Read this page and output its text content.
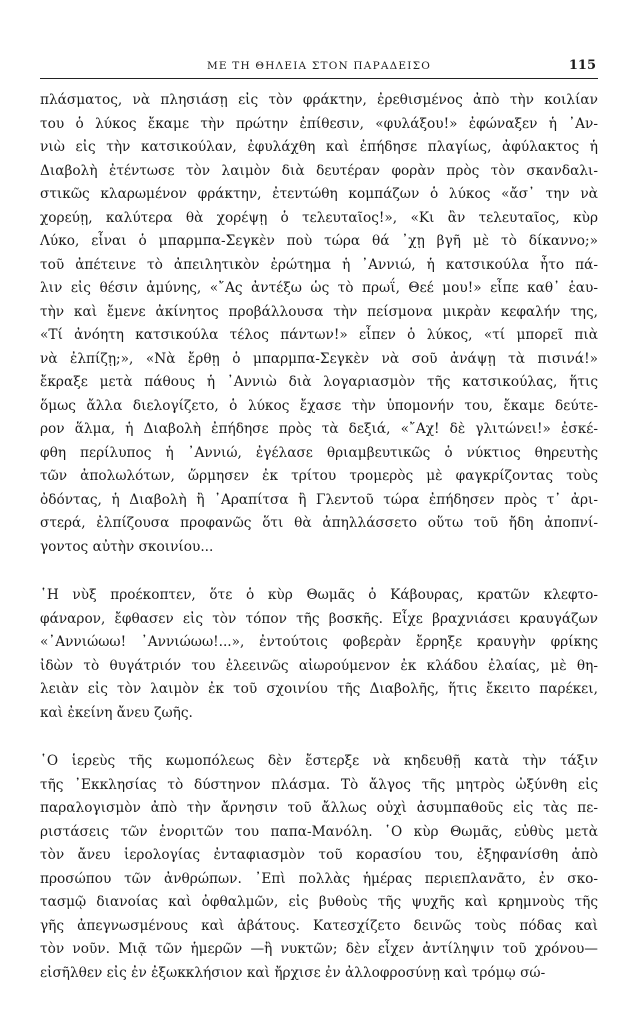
ΜΕ ΤΗ ΘΗΛΕΙΑ ΣΤΟΝ ΠΑΡΑΔΕΙΣΟ	115

πλάσματος, νὰ πλησιάσῃ εἰς τὸν φράκτην, ἐρεθισμένος ἀπὸ τὴν κοιλίαν
του ὁ λύκος ἔκαμε τὴν πρώτην ἐπίθεσιν, «φυλάξου!» ἐφώναξεν ἡ ᾿Αν-
νιὼ εἰς τὴν κατσικούλαν, ἐφυλάχθη καὶ ἐπήδησε πλαγίως, ἀφύλακτος ἡ
Διαβολὴ ἐτέντωσε τὸν λαιμὸν διὰ δευτέραν φορὰν πρὸς τὸν σκανδαλι-
στικῶς κλαρωμένον φράκτην, ἐτεντώθη κομπάζων ὁ λύκος «ἄσ᾽ την νὰ
χορεύῃ, καλύτερα θὰ χορέψῃ ὁ τελευταῖος!», «Κι ἂν τελευταῖος, κὺρ
Λύκο, εἶναι ὁ μπαρμπα-Σεγκὲν ποὺ τώρα θά ᾽χῃ βγῆ μὲ τὸ δίκαννο;»
τοῦ ἀπέτεινε τὸ ἀπειλητικὸν ἐρώτημα ἡ ᾿Αννιώ, ἡ κατσικούλα ἦτο πά-
λιν εἰς θέσιν ἀμύνης, «῎Ας ἀντέξω ὡς τὸ πρωΐ, Θεέ μου!» εἶπε καθ᾽ ἑαυ-
τὴν καὶ ἔμενε ἀκίνητος προβάλλουσα τὴν πείσμονα μικρὰν κεφαλήν της,
«Τί ἀνόητη κατσικούλα τέλος πάντων!» εἶπεν ὁ λύκος, «τί μπορεῖ πιὰ
νὰ ἐλπίζῃ;», «Νὰ ἔρθῃ ὁ μπαρμπα-Σεγκὲν νὰ σοῦ ἀνάψῃ τὰ πισινά!»
ἔκραξε μετὰ πάθους ἡ ᾿Αννιὼ διὰ λογαριασμὸν τῆς κατσικούλας, ἥτις
ὅμως ἄλλα διελογίζετο, ὁ λύκος ἔχασε τὴν ὑπομονήν του, ἔκαμε δεύτε-
ρον ἅλμα, ἡ Διαβολὴ ἐπήδησε πρὸς τὰ δεξιά, «῎Αχ! δὲ γλιτώνει!» ἐσκέ-
φθη περίλυπος ἡ ᾿Αννιώ, ἐγέλασε θριαμβευτικῶς ὁ νύκτιος θηρευτὴς
τῶν ἀπολωλότων, ὥρμησεν ἐκ τρίτου τρομερὸς μὲ φαγκρίζοντας τοὺς
ὀδόντας, ἡ Διαβολὴ ἢ ᾿Αραπίτσα ἢ Γλεντοῦ τώρα ἐπήδησεν πρὸς τ᾽ ἀρι-
στερά, ἐλπίζουσα προφανῶς ὅτι θὰ ἀπηλλάσσετο οὕτω τοῦ ἤδη ἀποπνί-
γοντος αὐτὴν σκοινίου...

῾Η νὺξ προέκοπτεν, ὅτε ὁ κὺρ Θωμᾶς ὁ Κάβουρας, κρατῶν κλεφτο-
φάναρον, ἔφθασεν εἰς τὸν τόπον τῆς βοσκῆς. Εἶχε βραχνιάσει κραυγάζων
«᾿Αννιώωω! ᾿Αννιώωω!...», ἐντούτοις φοβερὰν ἔρρηξε κραυγὴν φρίκης
ἰδὼν τὸ θυγάτριόν του ἐλεεινῶς αἰωρούμενον ἐκ κλάδου ἐλαίας, μὲ θη-
λειὰν εἰς τὸν λαιμὸν ἐκ τοῦ σχοινίου τῆς Διαβολῆς, ἥτις ἔκειτο παρέκει,
καὶ ἐκείνη ἄνευ ζωῆς.

῾Ο ἱερεὺς τῆς κωμοπόλεως δὲν ἔστερξε νὰ κηδευθῇ κατὰ τὴν τάξιν
τῆς ᾿Εκκλησίας τὸ δύστηνον πλάσμα. Τὸ ἄλγος τῆς μητρὸς ὠξύνθη εἰς
παραλογισμὸν ἀπὸ τὴν ἄρνησιν τοῦ ἄλλως οὐχὶ ἀσυμπαθοῦς εἰς τὰς πε-
ριστάσεις τῶν ἐνοριτῶν του παπα-Μανόλη. ῾Ο κὺρ Θωμᾶς, εὐθὺς μετὰ
τὸν ἄνευ ἱερολογίας ἐνταφιασμὸν τοῦ κορασίου του, ἐξηφανίσθη ἀπὸ
προσώπου τῶν ἀνθρώπων. ᾿Επὶ πολλὰς ἡμέρας περιεπλανᾶτο, ἐν σκο-
τασμῷ διανοίας καὶ ὀφθαλμῶν, εἰς βυθοὺς τῆς ψυχῆς καὶ κρημνοὺς τῆς
γῆς ἀπεγνωσμένους καὶ ἀβάτους. Κατεσχίζετο δεινῶς τοὺς πόδας καὶ
τὸν νοῦν. Μιᾷ τῶν ἡμερῶν —ἢ νυκτῶν; δὲν εἶχεν ἀντίληψιν τοῦ χρόνου—
εἰσῆλθεν εἰς ἐν ἐξωκκλήσιον καὶ ἤρχισε ἐν ἀλλοφροσύνῃ καὶ τρόμῳ σώ-
